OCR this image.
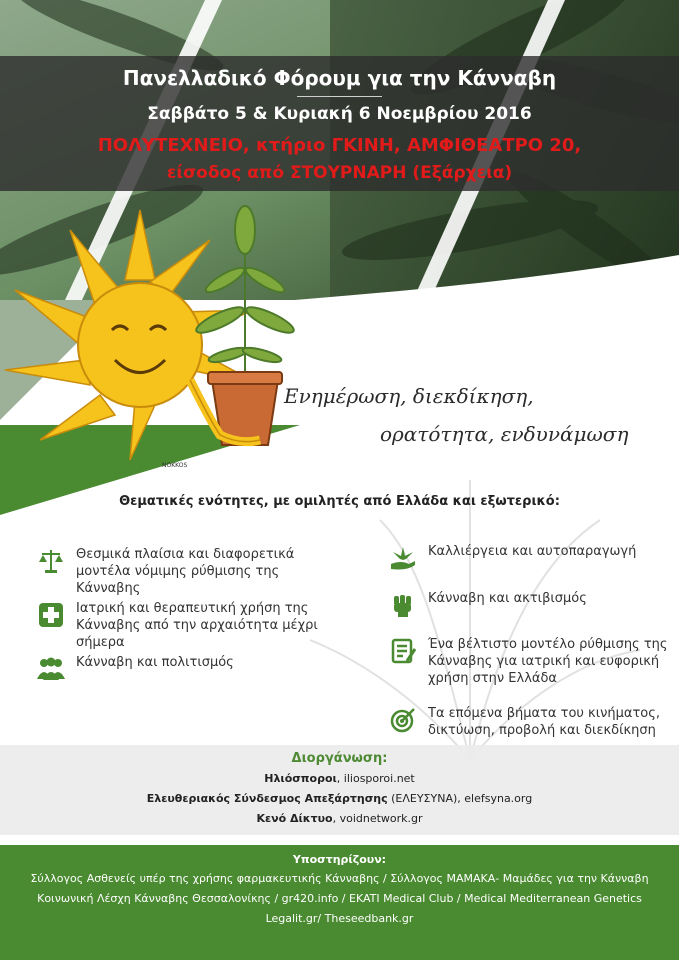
Πανελλαδικό Φόρουμ για την Κάνναβη
Σαββάτο 5 & Κυριακή 6 Νοεμβρίου 2016
ΠΟΛΥΤΕΧΝΕΙΟ, κτήριο ΓΚΙΝΗ, ΑΜΦΙΘΕΑΤΡΟ 20,
είσοδος από ΣΤΟΥΡΝΑΡΗ (Εξάρχεια)
NOKKOS
Ενημέρωση, διεκδίκηση,
ορατότητα, ενδυνάμωση
Θεματικές ενότητες, με ομιλητές από Ελλάδα και εξωτερικό:
Θεσμικά πλαίσια και διαφορετικά μοντέλα νόμιμης ρύθμισης της Κάνναβης
Ιατρική και θεραπευτική χρήση της Κάνναβης από την αρχαιότητα μέχρι σήμερα
Κάνναβη και πολιτισμός
Καλλιέργεια και αυτοπαραγωγή
Κάνναβη και ακτιβισμός
Ένα βέλτιστο μοντέλο ρύθμισης της Κάνναβης για ιατρική και ευφορική χρήση στην Ελλάδα
Τα επόμενα βήματα του κινήματος, δικτύωση, προβολή και διεκδίκηση
Διοργάνωση:
Ηλιόσποροι, iliosporoi.net
Ελευθεριακός Σύνδεσμος Απεξάρτησης (ΕΛΕΥΣΥΝΑ), elefsyna.org
Κενό Δίκτυο, voidnetwork.gr
Υποστηρίζουν:
Σύλλογος Ασθενείς υπέρ της χρήσης φαρμακευτικής Κάνναβης / Σύλλογος ΜΑΜΑΚΑ- Μαμάδες για την Κάνναβη
Κοινωνική Λέσχη Κάνναβης Θεσσαλονίκης / gr420.info / EKATI Medical Club / Medical Mediterranean Genetics
Legalit.gr/ Theseedbank.gr
